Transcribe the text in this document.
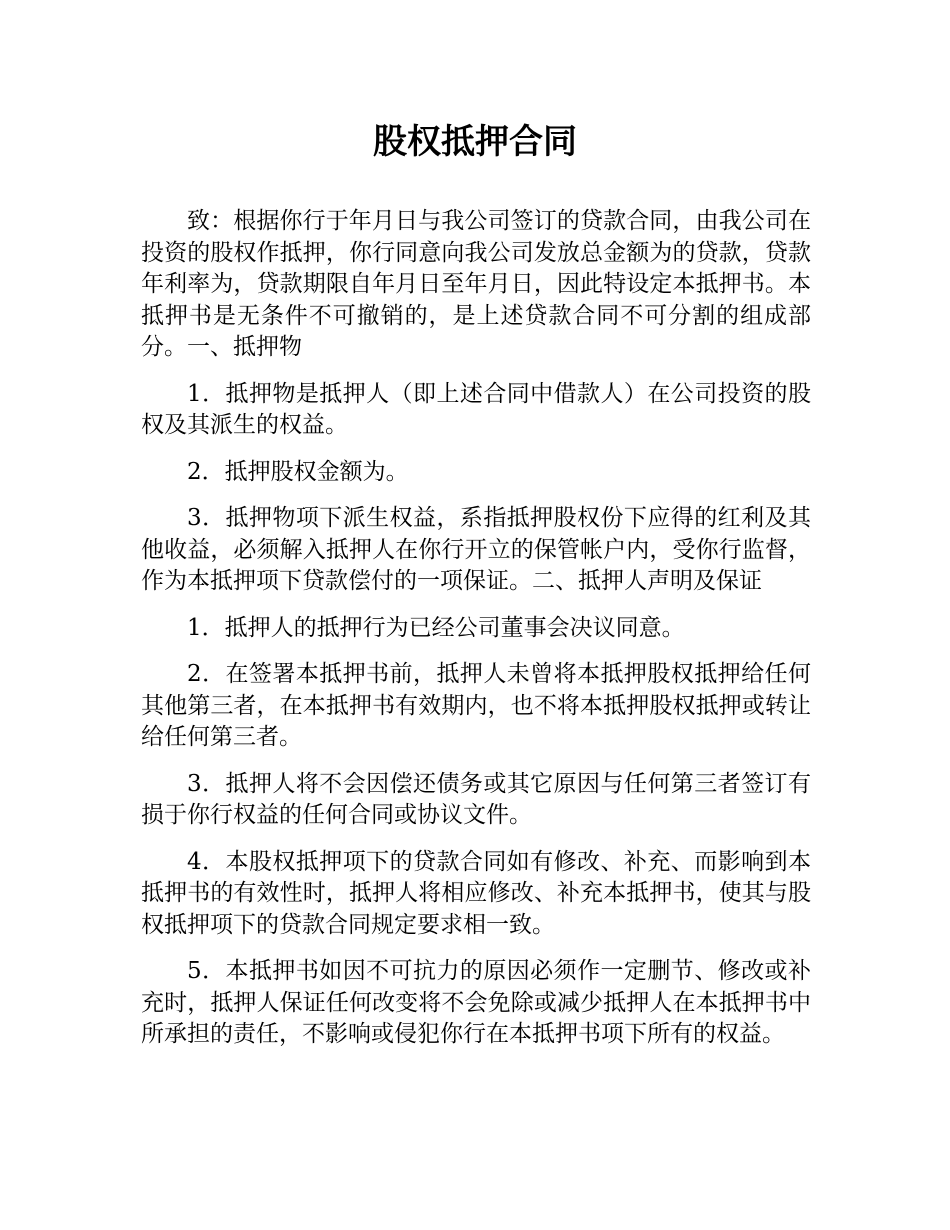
股权抵押合同

致：根据你行于年月日与我公司签订的贷款合同，由我公司在投资的股权作抵押，你行同意向我公司发放总金额为的贷款，贷款年利率为，贷款期限自年月日至年月日，因此特设定本抵押书。本抵押书是无条件不可撤销的，是上述贷款合同不可分割的组成部分。一、抵押物

1．抵押物是抵押人（即上述合同中借款人）在公司投资的股权及其派生的权益。

2．抵押股权金额为。

3．抵押物项下派生权益，系指抵押股权份下应得的红利及其他收益，必须解入抵押人在你行开立的保管帐户内，受你行监督，作为本抵押项下贷款偿付的一项保证。二、抵押人声明及保证

1．抵押人的抵押行为已经公司董事会决议同意。

2．在签署本抵押书前，抵押人未曾将本抵押股权抵押给任何其他第三者，在本抵押书有效期内，也不将本抵押股权抵押或转让给任何第三者。

3．抵押人将不会因偿还债务或其它原因与任何第三者签订有损于你行权益的任何合同或协议文件。

4．本股权抵押项下的贷款合同如有修改、补充、而影响到本抵押书的有效性时，抵押人将相应修改、补充本抵押书，使其与股权抵押项下的贷款合同规定要求相一致。

5．本抵押书如因不可抗力的原因必须作一定删节、修改或补充时，抵押人保证任何改变将不会免除或减少抵押人在本抵押书中所承担的责任，不影响或侵犯你行在本抵押书项下所有的权益。
